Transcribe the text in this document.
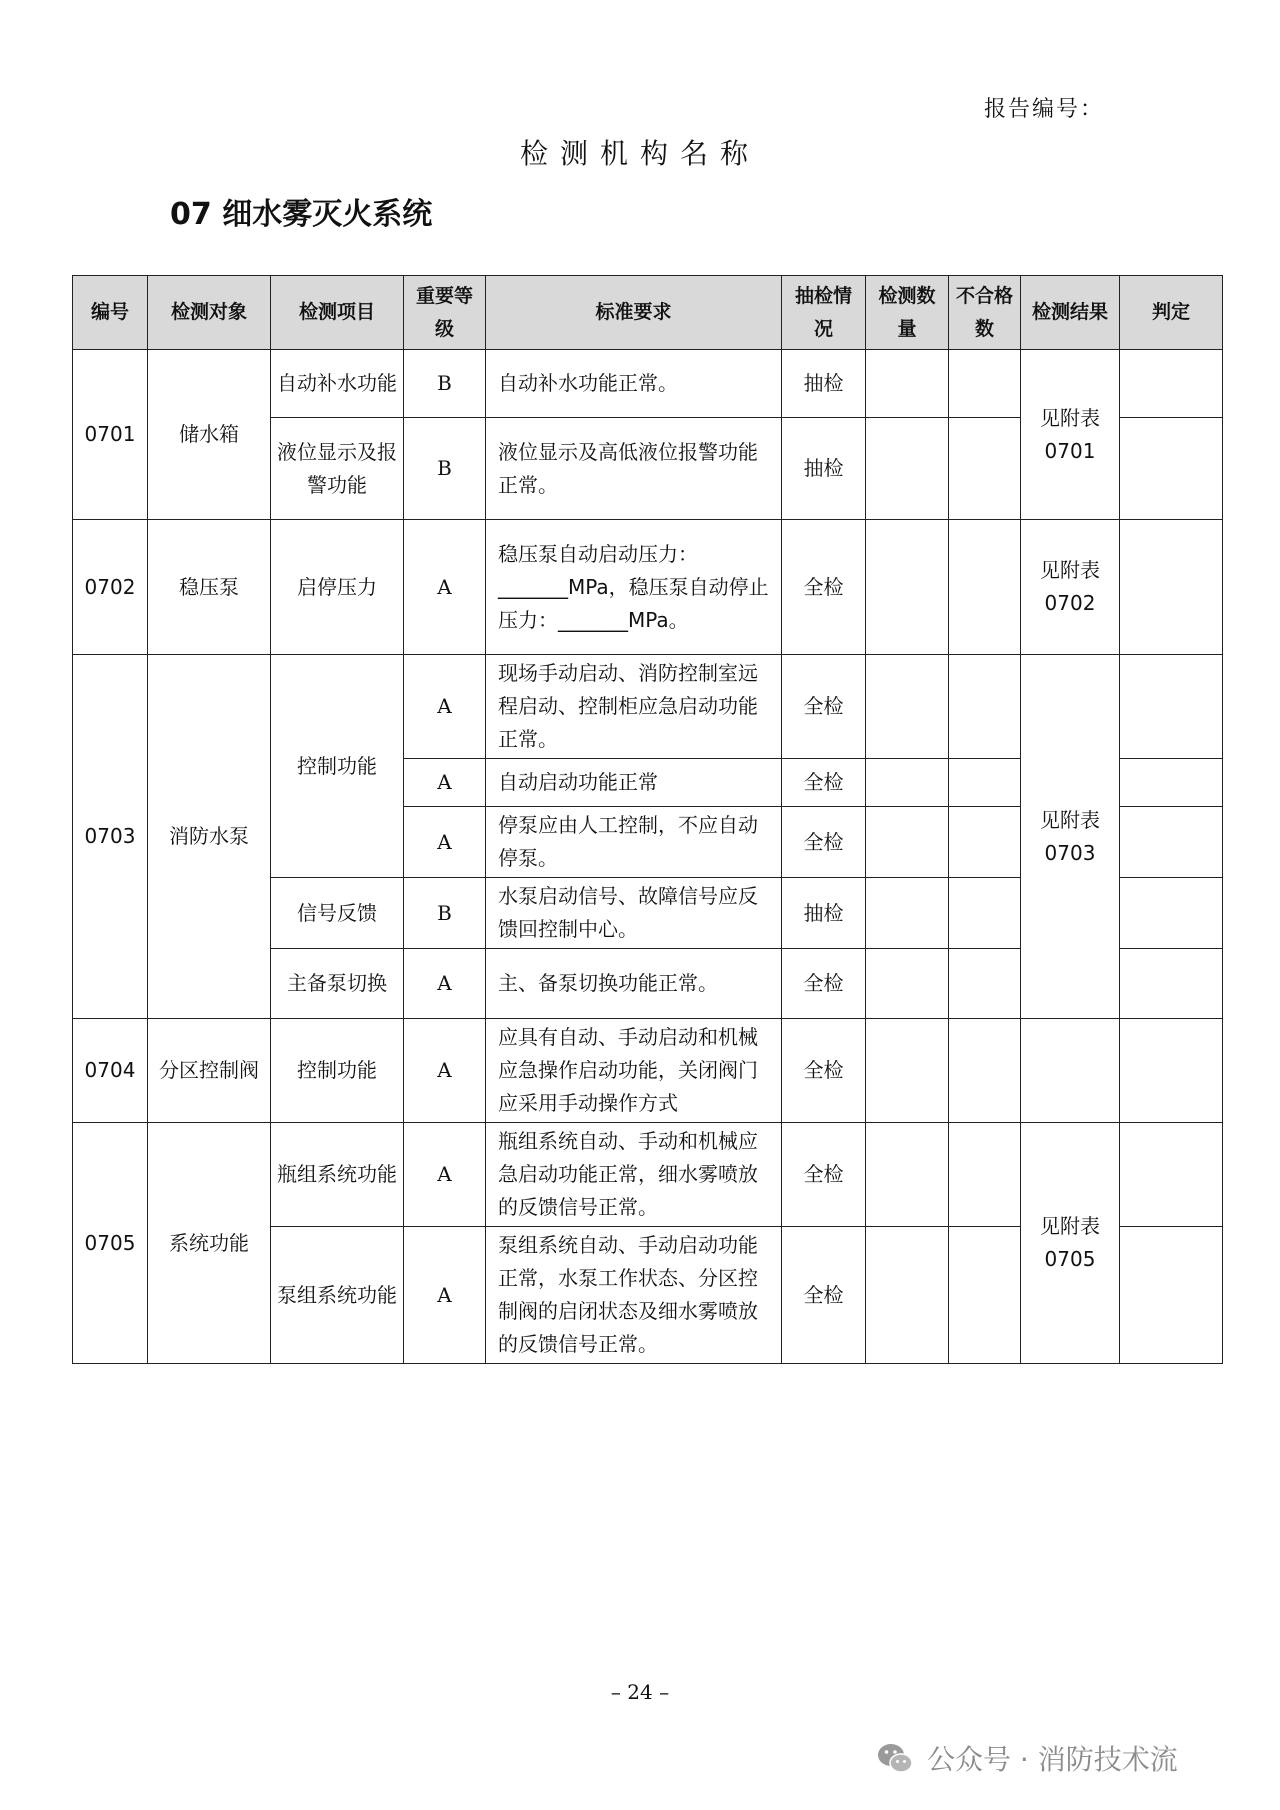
报告编号：
检测机构名称
07 细水雾灭火系统
编号	检测对象	检测项目	重要等级	标准要求	抽检情况	检测数量	不合格数	检测结果	判定
0701	储水箱	自动补水功能	B	自动补水功能正常。	抽检			见附表0701	
		液位显示及报警功能	B	液位显示及高低液位报警功能正常。	抽检				
0702	稳压泵	启停压力	A	稳压泵自动启动压力：_______MPa，稳压泵自动停止压力：_______MPa。	全检			见附表0702	
0703	消防水泵	控制功能	A	现场手动启动、消防控制室远程启动、控制柜应急启动功能正常。	全检			见附表0703	
			A	自动启动功能正常	全检				
			A	停泵应由人工控制，不应自动停泵。	全检				
		信号反馈	B	水泵启动信号、故障信号应反馈回控制中心。	抽检				
		主备泵切换	A	主、备泵切换功能正常。	全检				
0704	分区控制阀	控制功能	A	应具有自动、手动启动和机械应急操作启动功能，关闭阀门应采用手动操作方式	全检				
0705	系统功能	瓶组系统功能	A	瓶组系统自动、手动和机械应急启动功能正常，细水雾喷放的反馈信号正常。	全检			见附表0705	
		泵组系统功能	A	泵组系统自动、手动启动功能正常，水泵工作状态、分区控制阀的启闭状态及细水雾喷放的反馈信号正常。	全检				
– 24 –
公众号 · 消防技术流
